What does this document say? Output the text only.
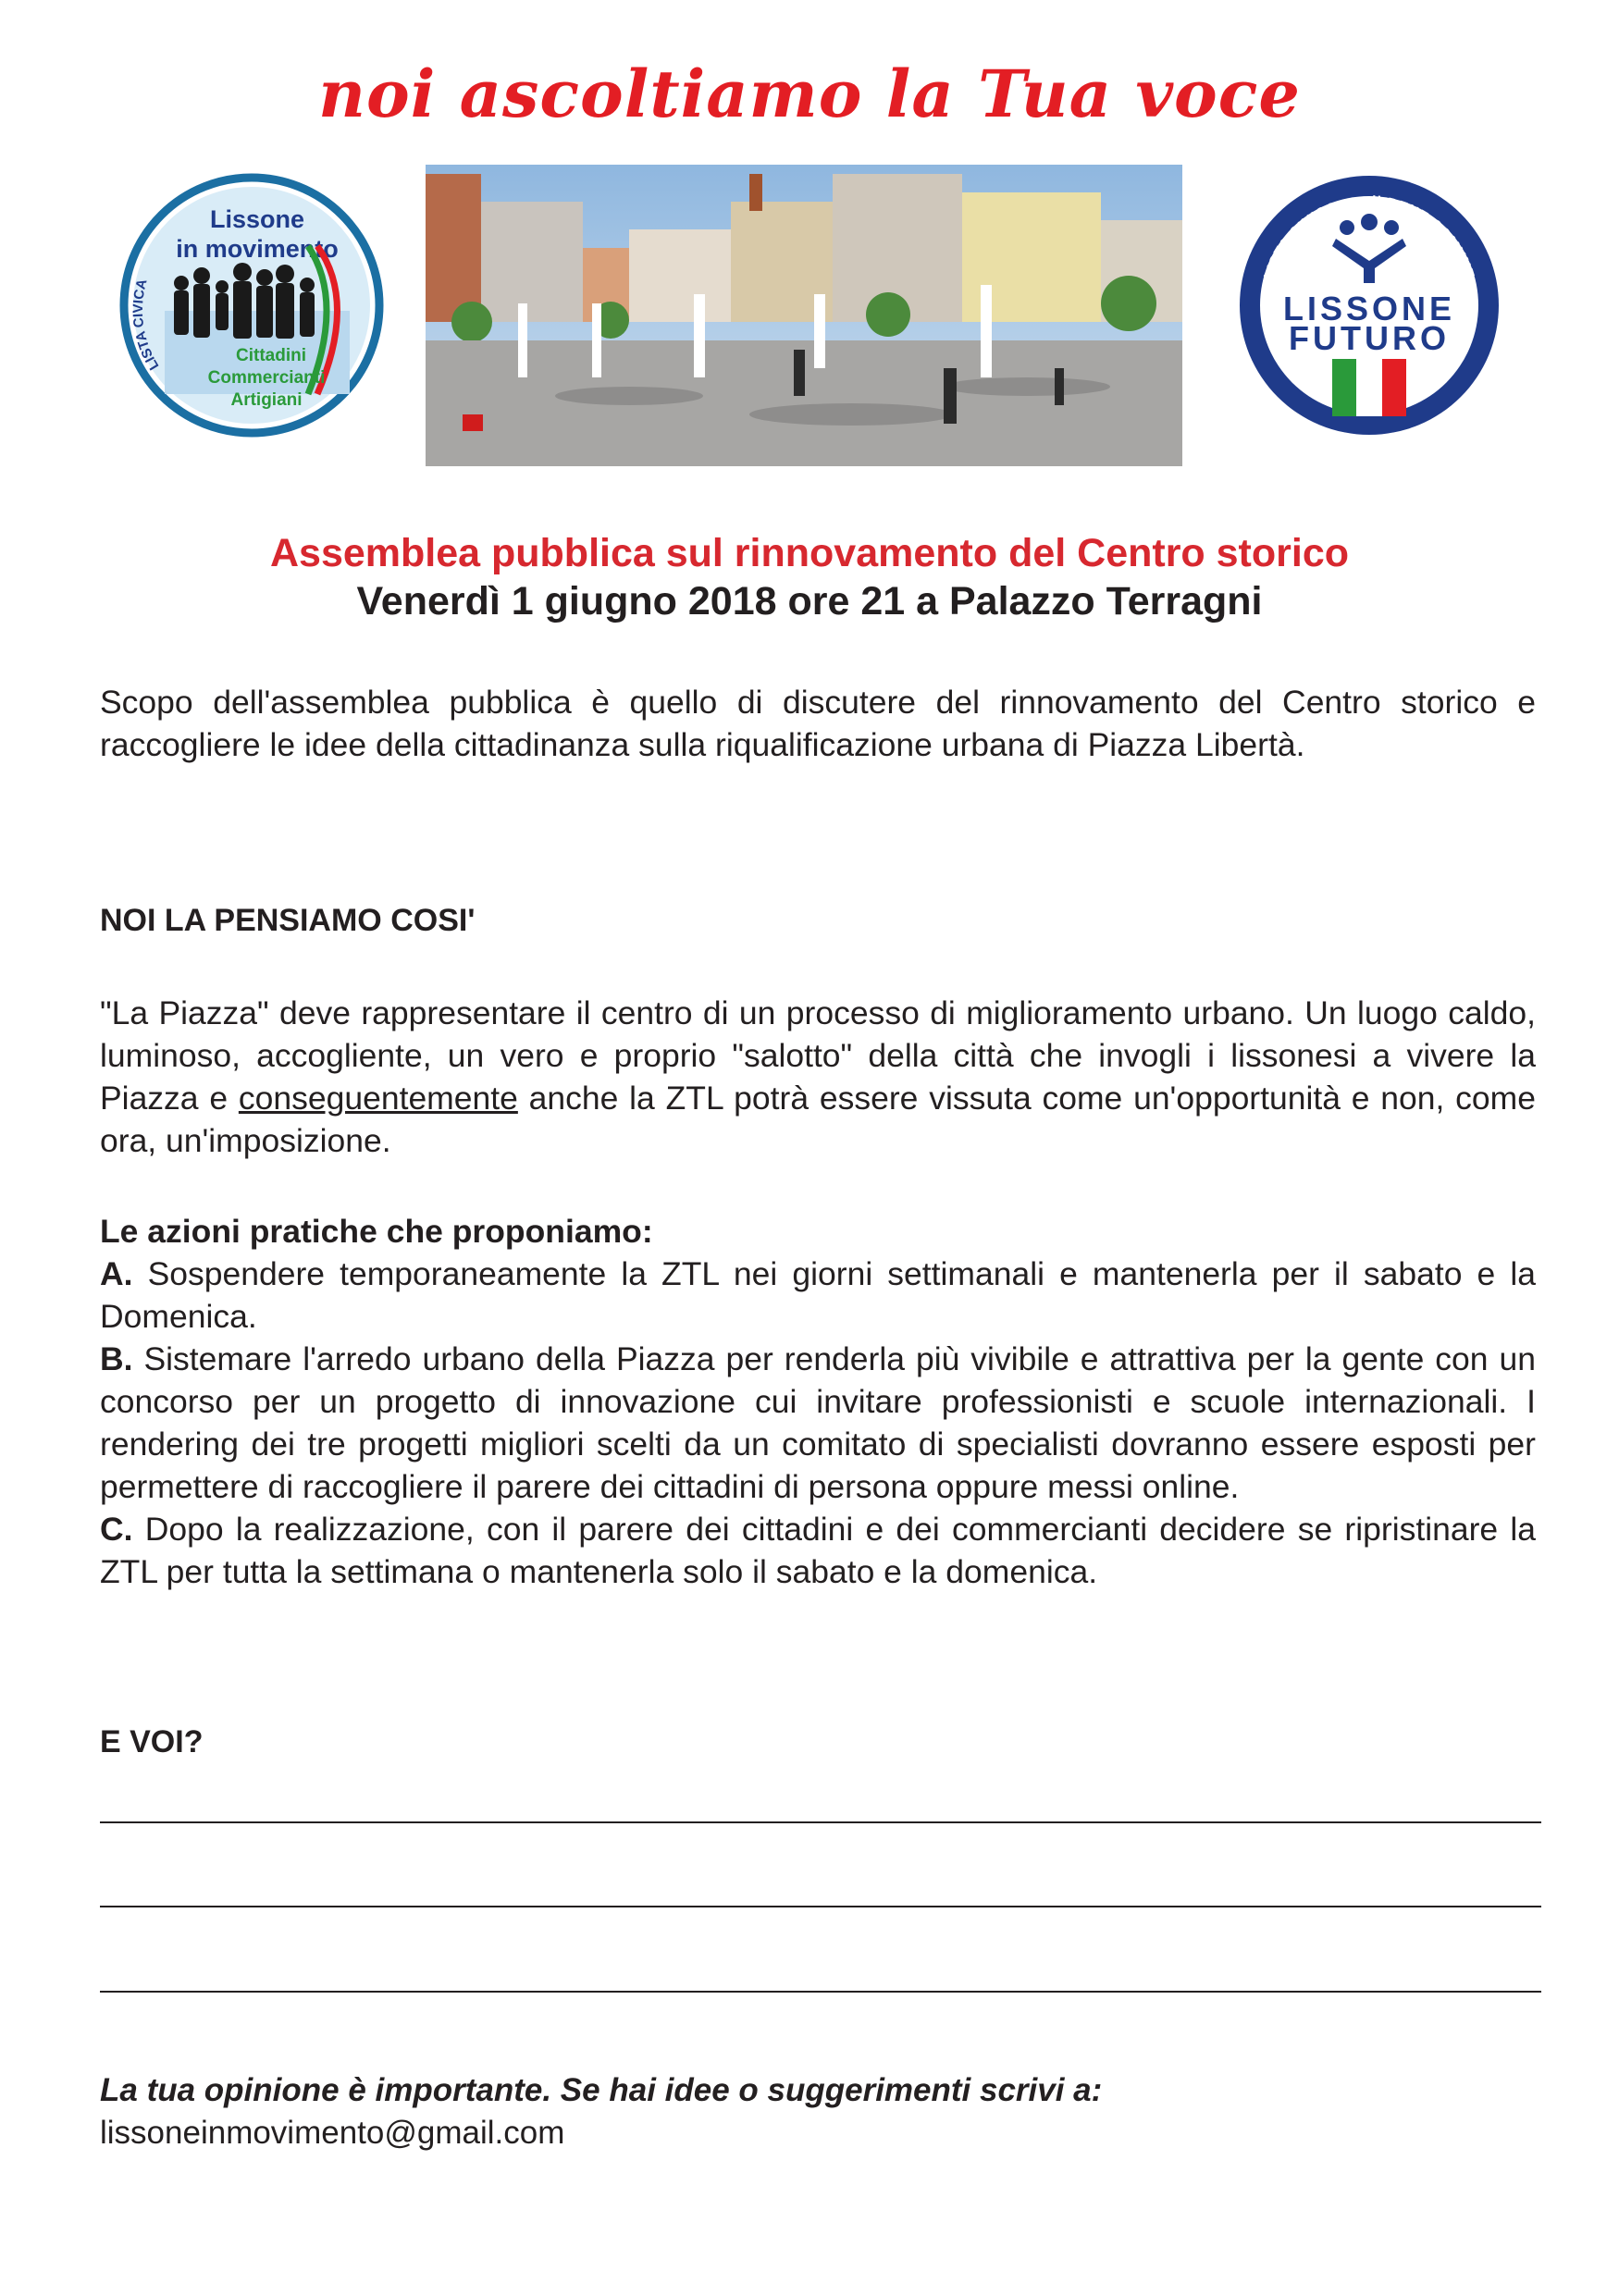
noi ascoltiamo la Tua voce
LISTA CIVICA
Lissone
in movimento
Cittadini
Commercianti
Artigiani
LISTA CIVICA per il BENE COMUNE
LISSONE
FUTURO
Assemblea pubblica sul rinnovamento del Centro storico
Venerdì 1 giugno 2018 ore 21 a Palazzo Terragni
Scopo dell'assemblea pubblica è quello di discutere del rinnovamento del Centro storico e raccogliere le idee della cittadinanza sulla riqualificazione urbana di Piazza Libertà.
NOI LA PENSIAMO COSI'
"La Piazza" deve rappresentare il centro di un processo di miglioramento urbano. Un luogo caldo, luminoso, accogliente, un vero e proprio "salotto" della città che invogli i lissonesi a vivere la Piazza e conseguentemente anche la ZTL potrà essere vissuta come un'opportunità e non, come ora, un'imposizione.
Le azioni pratiche che proponiamo:
A. Sospendere temporaneamente la ZTL nei giorni settimanali e mantenerla per il sabato e la Domenica.
B. Sistemare l'arredo urbano della Piazza per renderla più vivibile e attrattiva per la gente con un concorso per un progetto di innovazione cui invitare professionisti e scuole internazionali. I rendering dei tre progetti migliori scelti da un comitato di specialisti dovranno essere esposti per permettere di raccogliere il parere dei cittadini di persona oppure messi online.
C. Dopo la realizzazione, con il parere dei cittadini e dei commercianti decidere se ripristinare la ZTL per tutta la settimana o mantenerla solo il sabato e la domenica.
E VOI?
La tua opinione è importante. Se hai idee o suggerimenti scrivi a:
lissoneinmovimento@gmail.com
